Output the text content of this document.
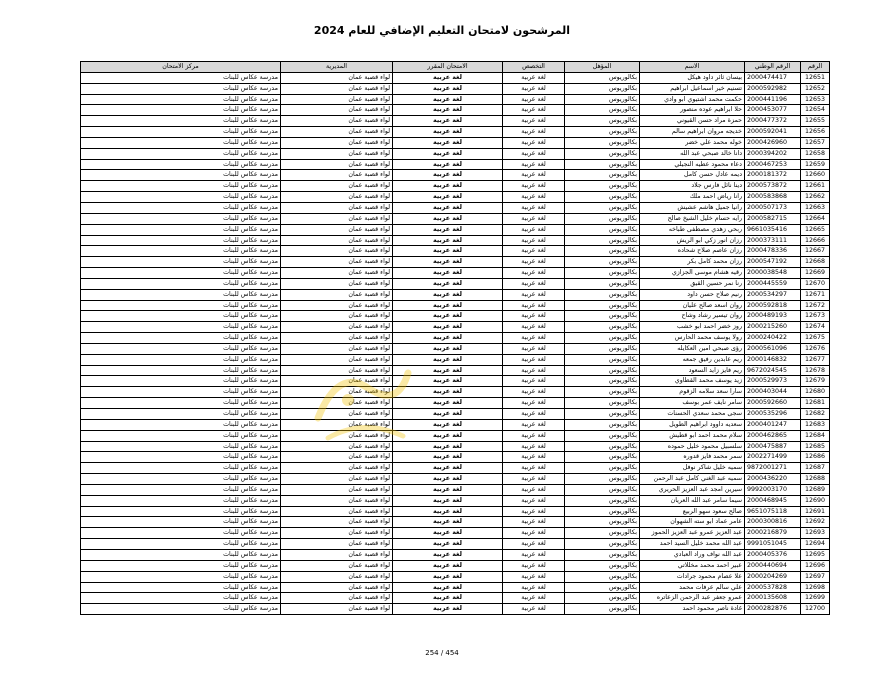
المرشحون لامتحان التعليم الإضافي للعام 2024
الرقم	الرقم الوطني	الاسم	المؤهل	التخصص	الامتحان المقرر	المديرية	مركز الامتحان
12651	2000474417	بيسان ثائر داود هيكل	بكالوريوس	لغة عربية	لغة عربية	لواء قصبة عمان	مدرسة عكاس للبنات
12652	2000592982	تسنيم خير اسماعيل ابراهيم	بكالوريوس	لغة عربية	لغة عربية	لواء قصبة عمان	مدرسة عكاس للبنات
12653	2000441196	حكمت محمد اشتيوي ابو وادي	بكالوريوس	لغة عربية	لغة عربية	لواء قصبة عمان	مدرسة عكاس للبنات
12654	2000453077	حلا ابراهيم عوده منصور	بكالوريوس	لغة عربية	لغة عربية	لواء قصبة عمان	مدرسة عكاس للبنات
12655	2000477372	حمزة مراد حسن القيوني	بكالوريوس	لغة عربية	لغة عربية	لواء قصبة عمان	مدرسة عكاس للبنات
12656	2000592041	خديجه مروان ابراهيم سالم	بكالوريوس	لغة عربية	لغة عربية	لواء قصبة عمان	مدرسة عكاس للبنات
12657	2000426960	خوله محمد علي خضر	بكالوريوس	لغة عربية	لغة عربية	لواء قصبة عمان	مدرسة عكاس للبنات
12658	2000394202	دانا خالد صبحي عبد الله	بكالوريوس	لغة عربية	لغة عربية	لواء قصبة عمان	مدرسة عكاس للبنات
12659	2000467253	دعاء محمود عطيه النجيلي	بكالوريوس	لغة عربية	لغة عربية	لواء قصبة عمان	مدرسة عكاس للبنات
12660	2000181372	ديمه عادل حسن كامل	بكالوريوس	لغة عربية	لغة عربية	لواء قصبة عمان	مدرسة عكاس للبنات
12661	2000573872	دينا نائل فارس جلاد	بكالوريوس	لغة عربية	لغة عربية	لواء قصبة عمان	مدرسة عكاس للبنات
12662	2000583868	رانا رياض احمد ملك	بكالوريوس	لغة عربية	لغة عربية	لواء قصبة عمان	مدرسة عكاس للبنات
12663	2000507173	رانيا جميل هاشم عشيش	بكالوريوس	لغة عربية	لغة عربية	لواء قصبة عمان	مدرسة عكاس للبنات
12664	2000582715	رايه حسام خليل الشيخ صالح	بكالوريوس	لغة عربية	لغة عربية	لواء قصبة عمان	مدرسة عكاس للبنات
12665	9661035416	ربحي زهدي مصطفى طباخه	بكالوريوس	لغة عربية	لغة عربية	لواء قصبة عمان	مدرسة عكاس للبنات
12666	2000373111	رزان انور زكي ابو الريش	بكالوريوس	لغة عربية	لغة عربية	لواء قصبة عمان	مدرسة عكاس للبنات
12667	2000478336	رزان عاصم صلاح شحاده	بكالوريوس	لغة عربية	لغة عربية	لواء قصبة عمان	مدرسة عكاس للبنات
12668	2000547192	رزان محمد كامل بكر	بكالوريوس	لغة عربية	لغة عربية	لواء قصبة عمان	مدرسة عكاس للبنات
12669	2000038548	رقيه هشام موسى الجزازي	بكالوريوس	لغة عربية	لغة عربية	لواء قصبة عمان	مدرسة عكاس للبنات
12670	2000445559	رنا نمر حسين القيق	بكالوريوس	لغة عربية	لغة عربية	لواء قصبة عمان	مدرسة عكاس للبنات
12671	2000534297	رنيم صلاح حسن داود	بكالوريوس	لغة عربية	لغة عربية	لواء قصبة عمان	مدرسة عكاس للبنات
12672	2000592818	روان اسعد صالح عليان	بكالوريوس	لغة عربية	لغة عربية	لواء قصبة عمان	مدرسة عكاس للبنات
12673	2000489193	روان تيسير رشاد وشاح	بكالوريوس	لغة عربية	لغة عربية	لواء قصبة عمان	مدرسة عكاس للبنات
12674	2000215260	روز خضر احمد ابو خشب	بكالوريوس	لغة عربية	لغة عربية	لواء قصبة عمان	مدرسة عكاس للبنات
12675	2000240422	رولا يوسف محمد الحارس	بكالوريوس	لغة عربية	لغة عربية	لواء قصبة عمان	مدرسة عكاس للبنات
12676	2000561096	رؤى صبحي امين العكايله	بكالوريوس	لغة عربية	لغة عربية	لواء قصبة عمان	مدرسة عكاس للبنات
12677	2000146832	ريم عابدين رفيق جمعه	بكالوريوس	لغة عربية	لغة عربية	لواء قصبة عمان	مدرسة عكاس للبنات
12678	9672024545	ريم فايز زايد السعود	بكالوريوس	لغة عربية	لغة عربية	لواء قصبة عمان	مدرسة عكاس للبنات
12679	2000529973	زيد يوسف محمد القطاوي	بكالوريوس	لغة عربية	لغة عربية	لواء قصبة عمان	مدرسة عكاس للبنات
12680	2000403044	سارا سعد سلامه الزقوم	بكالوريوس	لغة عربية	لغة عربية	لواء قصبة عمان	مدرسة عكاس للبنات
12681	2000592660	سامر نايف عمر بوسف	بكالوريوس	لغة عربية	لغة عربية	لواء قصبة عمان	مدرسة عكاس للبنات
12682	2000535296	سجى محمد سعدي الحسنات	بكالوريوس	لغة عربية	لغة عربية	لواء قصبة عمان	مدرسة عكاس للبنات
12683	2000401247	سعديه داوود ابراهيم الطويل	بكالوريوس	لغة عربية	لغة عربية	لواء قصبة عمان	مدرسة عكاس للبنات
12684	2000462865	سلام محمد احمد ابو قطيش	بكالوريوس	لغة عربية	لغة عربية	لواء قصبة عمان	مدرسة عكاس للبنات
12685	2000475887	سلسبيل محمود خليل حموده	بكالوريوس	لغة عربية	لغة عربية	لواء قصبة عمان	مدرسة عكاس للبنات
12686	2002271499	سمر محمد فايز قدوره	بكالوريوس	لغة عربية	لغة عربية	لواء قصبة عمان	مدرسة عكاس للبنات
12687	9872001271	سميه خليل شاكر نوفل	بكالوريوس	لغة عربية	لغة عربية	لواء قصبة عمان	مدرسة عكاس للبنات
12688	2000436220	سميه عبد الغني كامل عبد الرحمن	بكالوريوس	لغة عربية	لغة عربية	لواء قصبة عمان	مدرسة عكاس للبنات
12689	9992003170	سيرين امجد عبد العزيز الحريري	بكالوريوس	لغة عربية	لغة عربية	لواء قصبة عمان	مدرسة عكاس للبنات
12690	2000468945	سيما سامر عبد الله العريان	بكالوريوس	لغة عربية	لغة عربية	لواء قصبة عمان	مدرسة عكاس للبنات
12691	9651075118	صالح سعود سهو الربيع	بكالوريوس	لغة عربية	لغة عربية	لواء قصبة عمان	مدرسة عكاس للبنات
12692	2000300816	عامر عماد ابو سته الشهوان	بكالوريوس	لغة عربية	لغة عربية	لواء قصبة عمان	مدرسة عكاس للبنات
12693	2000216879	عبد العزيز عمرو عبد العزيز الحموز	بكالوريوس	لغة عربية	لغة عربية	لواء قصبة عمان	مدرسة عكاس للبنات
12694	9991051045	عبد الله محمد خليل السيد احمد	بكالوريوس	لغة عربية	لغة عربية	لواء قصبة عمان	مدرسة عكاس للبنات
12695	2000405376	عبد الله نواف وراد العبادي	بكالوريوس	لغة عربية	لغة عربية	لواء قصبة عمان	مدرسة عكاس للبنات
12696	2000440694	عبير احمد محمد مخللاتي	بكالوريوس	لغة عربية	لغة عربية	لواء قصبة عمان	مدرسة عكاس للبنات
12697	2000204269	علا عصام محمود جرادات	بكالوريوس	لغة عربية	لغة عربية	لواء قصبة عمان	مدرسة عكاس للبنات
12698	2000537828	علي سالم عرفات محمد	بكالوريوس	لغة عربية	لغة عربية	لواء قصبة عمان	مدرسة عكاس للبنات
12699	2000135608	عمرو جعفر عبد الرحمن الزعاتره	بكالوريوس	لغة عربية	لغة عربية	لواء قصبة عمان	مدرسة عكاس للبنات
12700	2000282876	غادة ناصر محمود احمد	بكالوريوس	لغة عربية	لغة عربية	لواء قصبة عمان	مدرسة عكاس للبنات
254 / 454
